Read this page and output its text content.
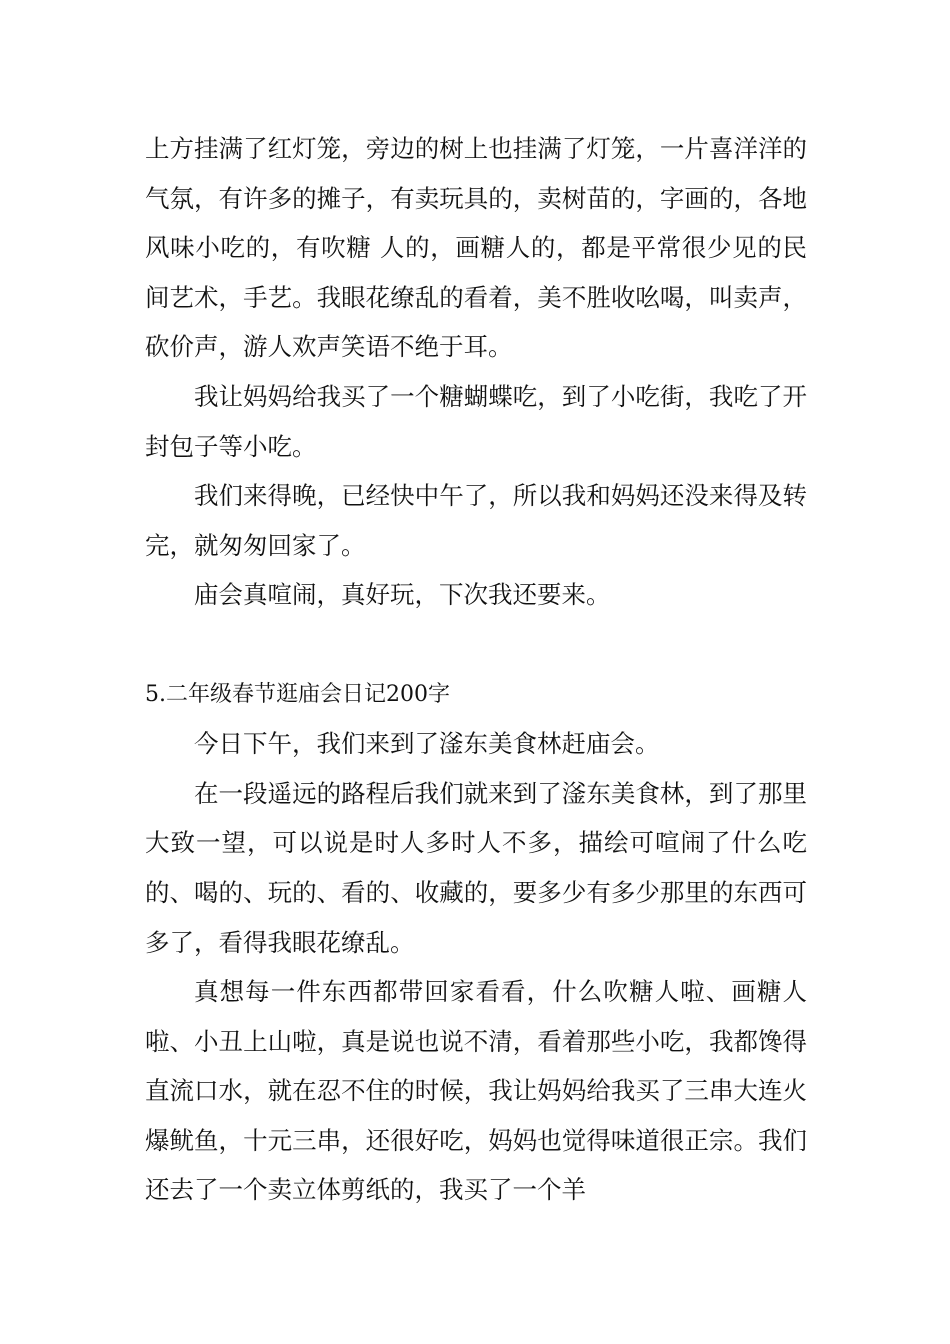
上方挂满了红灯笼，旁边的树上也挂满了灯笼，一片喜洋洋的气氛，有许多的摊子，有卖玩具的，卖树苗的，字画的，各地风味小吃的，有吹糖 人的，画糖人的，都是平常很少见的民间艺术，手艺。我眼花缭乱的看着，美不胜收吆喝，叫卖声，砍价声，游人欢声笑语不绝于耳。

我让妈妈给我买了一个糖蝴蝶吃，到了小吃街，我吃了开封包子等小吃。

我们来得晚，已经快中午了，所以我和妈妈还没来得及转完，就匆匆回家了。

庙会真喧闹，真好玩，下次我还要来。

5.二年级春节逛庙会日记200字

今日下午，我们来到了滏东美食林赶庙会。

在一段遥远的路程后我们就来到了滏东美食林，到了那里大致一望，可以说是时人多时人不多，描绘可喧闹了什么吃的、喝的、玩的、看的、收藏的，要多少有多少那里的东西可多了，看得我眼花缭乱。

真想每一件东西都带回家看看，什么吹糖人啦、画糖人啦、小丑上山啦，真是说也说不清，看着那些小吃，我都馋得直流口水，就在忍不住的时候，我让妈妈给我买了三串大连火爆鱿鱼，十元三串，还很好吃，妈妈也觉得味道很正宗。我们还去了一个卖立体剪纸的，我买了一个羊
